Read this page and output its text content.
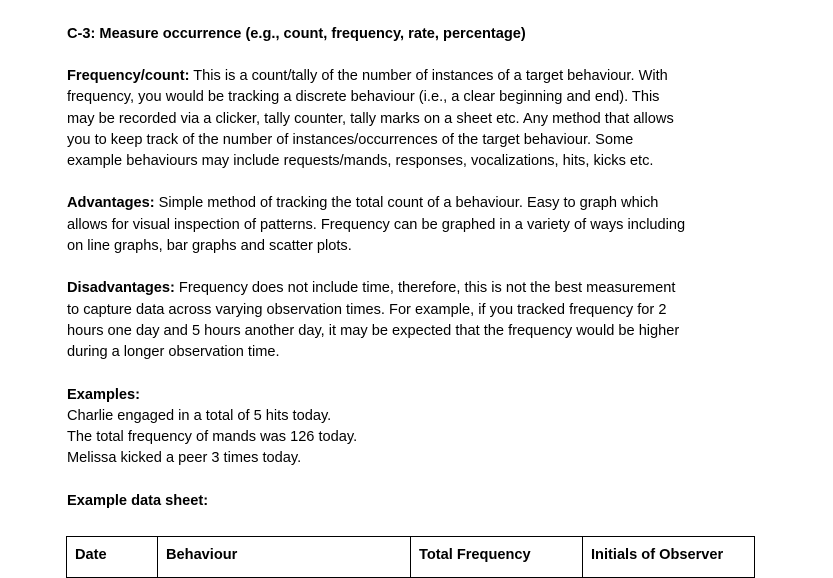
C-3: Measure occurrence (e.g., count, frequency, rate, percentage)

Frequency/count: This is a count/tally of the number of instances of a target behaviour. With
frequency, you would be tracking a discrete behaviour (i.e., a clear beginning and end). This
may be recorded via a clicker, tally counter, tally marks on a sheet etc. Any method that allows
you to keep track of the number of instances/occurrences of the target behaviour. Some
example behaviours may include requests/mands, responses, vocalizations, hits, kicks etc.

Advantages: Simple method of tracking the total count of a behaviour. Easy to graph which
allows for visual inspection of patterns. Frequency can be graphed in a variety of ways including
on line graphs, bar graphs and scatter plots.

Disadvantages: Frequency does not include time, therefore, this is not the best measurement
to capture data across varying observation times. For example, if you tracked frequency for 2
hours one day and 5 hours another day, it may be expected that the frequency would be higher
during a longer observation time.

Examples:
Charlie engaged in a total of 5 hits today.
The total frequency of mands was 126 today.
Melissa kicked a peer 3 times today.

Example data sheet:

Date	Behaviour	Total Frequency	Initials of Observer
